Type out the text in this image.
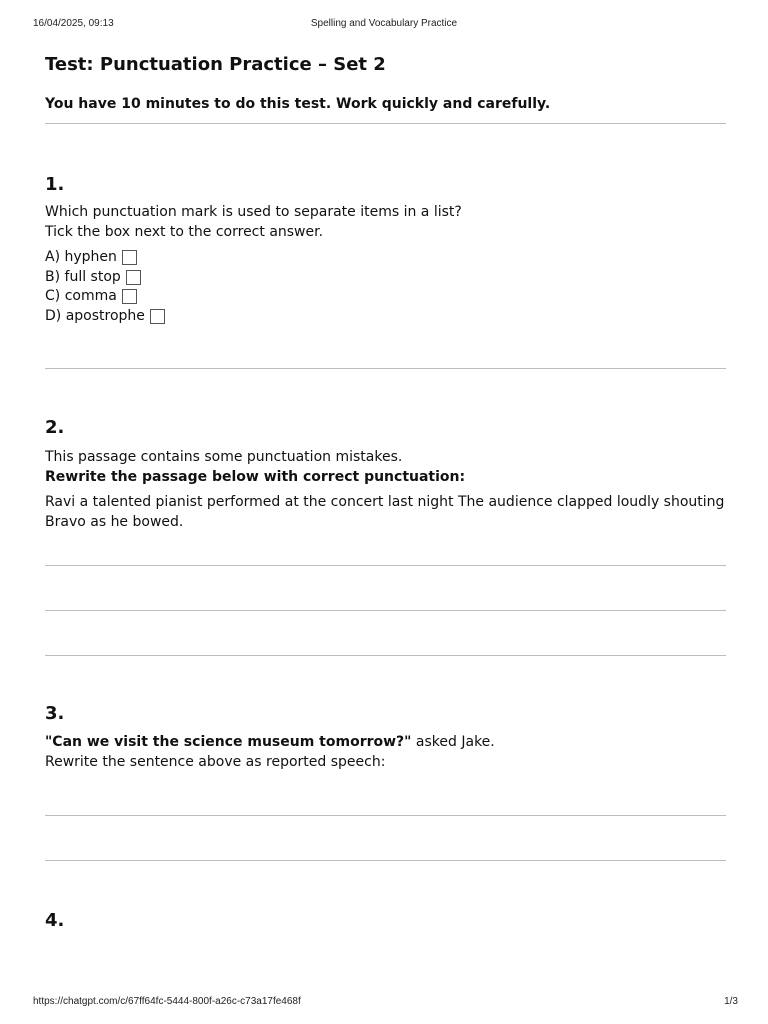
16/04/2025, 09:13	Spelling and Vocabulary Practice
Test: Punctuation Practice – Set 2
You have 10 minutes to do this test. Work quickly and carefully.
1.
Which punctuation mark is used to separate items in a list?
Tick the box next to the correct answer.
A) hyphen
B) full stop
C) comma
D) apostrophe
2.
This passage contains some punctuation mistakes.
Rewrite the passage below with correct punctuation:
Ravi a talented pianist performed at the concert last night The audience clapped loudly shouting Bravo as he bowed.
3.
"Can we visit the science museum tomorrow?" asked Jake.
Rewrite the sentence above as reported speech:
4.
https://chatgpt.com/c/67ff64fc-5444-800f-a26c-c73a17fe468f	1/3
